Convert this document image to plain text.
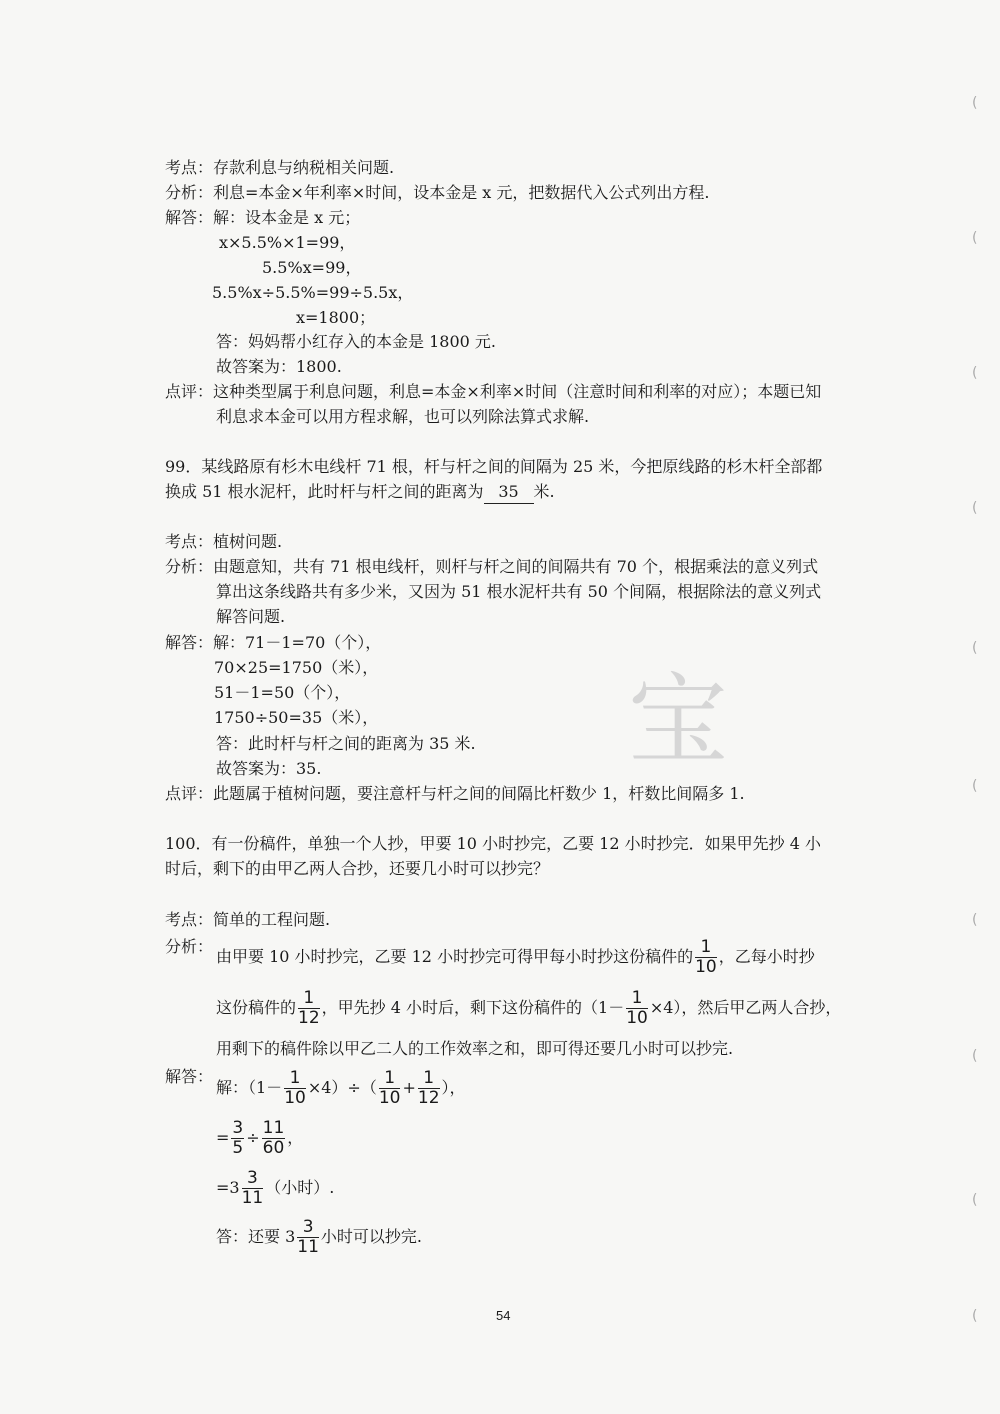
宝
(
(
(
(
(
(
(
(
(
(
考点：存款利息与纳税相关问题.
分析：利息=本金×年利率×时间，设本金是 x 元，把数据代入公式列出方程.
解答：解：设本金是 x 元；
x×5.5%×1=99，
5.5%x=99，
5.5%x÷5.5%=99÷5.5x，
x=1800；
答：妈妈帮小红存入的本金是 1800 元.
故答案为：1800.
点评：这种类型属于利息问题，利息=本金×利率×时间（注意时间和利率的对应）；本题已知
利息求本金可以用方程求解，也可以列除法算式求解.
99．某线路原有杉木电线杆 71 根，杆与杆之间的间隔为 25 米，今把原线路的杉木杆全部都
换成 51 根水泥杆，此时杆与杆之间的距离为 35 米.
考点：植树问题.
分析：由题意知，共有 71 根电线杆，则杆与杆之间的间隔共有 70 个，根据乘法的意义列式
算出这条线路共有多少米，又因为 51 根水泥杆共有 50 个间隔，根据除法的意义列式
解答问题.
解答：解：71－1=70（个），
70×25=1750（米），
51－1=50（个），
1750÷50=35（米），
答：此时杆与杆之间的距离为 35 米.
故答案为：35.
点评：此题属于植树问题，要注意杆与杆之间的间隔比杆数少 1，杆数比间隔多 1.
100．有一份稿件，单独一个人抄，甲要 10 小时抄完，乙要 12 小时抄完．如果甲先抄 4 小
时后，剩下的由甲乙两人合抄，还要几小时可以抄完？
考点：简单的工程问题.
分析：
由甲要 10 小时抄完，乙要 12 小时抄完可得甲每小时抄这份稿件的 $\frac{1}{10}$ ，乙每小时抄
这份稿件的 $\frac{1}{12}$ ，甲先抄 4 小时后，剩下这份稿件的$(1- \frac{1}{10} \times 4)$，然后甲乙两人合抄，
用剩下的稿件除以甲乙二人的工作效率之和，即可得还要几小时可以抄完.
解答：
解：$(1- \frac{1}{10} \times 4)\div( \frac{1}{10} + \frac{1}{12}$ ），
= $\frac{3}{5} \div \frac{11}{60}$ ，
$=3 \frac{3}{11}$ （小时）.
答：还要 $3 \frac{3}{11}$ 小时可以抄完.
54
